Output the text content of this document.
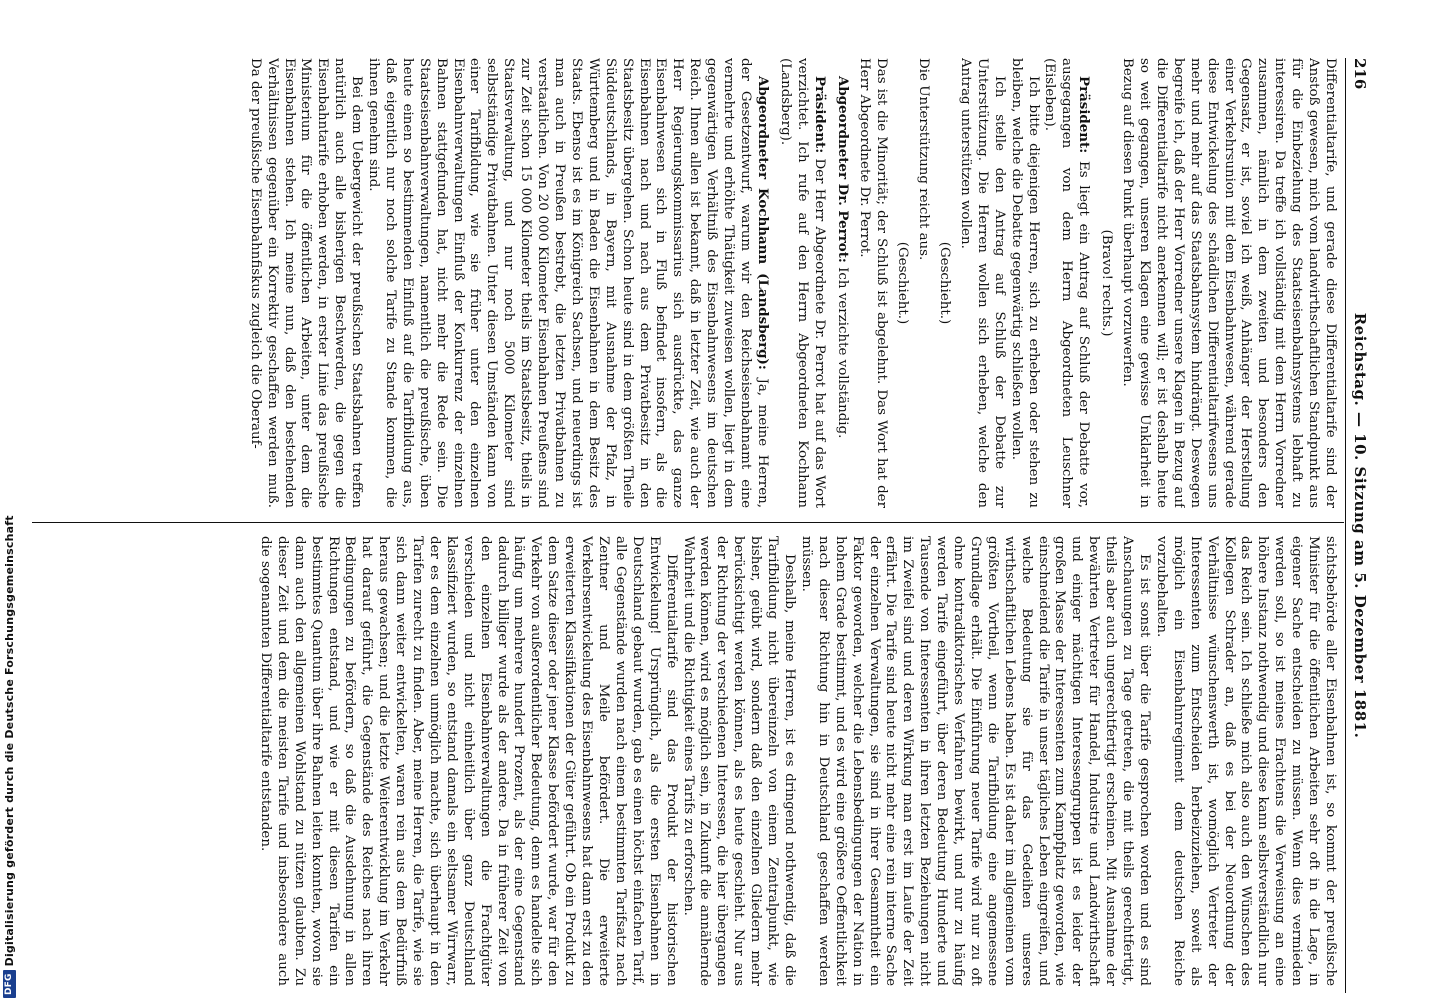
216
Reichstag. — 10. Sitzung am 5. Dezember 1881.

Differentialtarife, und gerade diese Differentialtarife sind der Anstoß gewesen, mich vom landwirthschaftlichen Standpunkt aus für die Einbeziehung des Staatseisenbahnsystems lebhaft zu interessiren. Da treffe ich vollständig mit dem Herrn Vorredner zusammen, nämlich in dem zweiten und besonders den Gegensatz, er ist, soviel ich weiß, Anhänger der Herstellung einer Verkehrsunion mit dem Eisenbahnwesen, während gerade diese Entwickelung des schädlichen Differentialtarifwesens uns mehr und mehr auf das Staatsbahnsystem hindrängt. Deswegen begreife ich, daß der Herr Vorredner unsere Klagen in Bezug auf die Differentialtarife nicht anerkennen will; er ist deshalb heute so weit gegangen, unseren Klagen eine gewisse Unklarheit in Bezug auf diesen Punkt überhaupt vorzuwerfen.

(Bravo! rechts.)

Präsident: Es liegt ein Antrag auf Schluß der Debatte vor, ausgegangen von dem Herrn Abgeordneten Leuschner (Eisleben).

Ich bitte diejenigen Herren, sich zu erheben oder stehen zu bleiben, welche die Debatte gegenwärtig schließen wollen.

Ich stelle den Antrag auf Schluß der Debatte zur Unterstützung. Die Herren wollen sich erheben, welche den Antrag unterstützen wollen.

(Geschieht.)

Die Unterstützung reicht aus.

(Geschieht.)

Das ist die Minorität; der Schluß ist abgelehnt. Das Wort hat der Herr Abgeordnete Dr. Perrot.

Abgeordneter Dr. Perrot: Ich verzichte vollständig.

Präsident: Der Herr Abgeordnete Dr. Perrot hat auf das Wort verzichtet. Ich rufe auf den Herrn Abgeordneten Kochhann (Landsberg).

Abgeordneter Kochhann (Landsberg): Ja, meine Herren, der Gesetzentwurf, warum wir den Reichseisenbahnamt eine vermehrte und erhöhte Thätigkeit zuweisen wollen, liegt in dem gegenwärtigen Verhältniß des Eisenbahnwesens im deutschen Reich. Ihnen allen ist bekannt, daß in letzter Zeit, wie auch der Herr Regierungskommissarius sich ausdrückte, das ganze Eisenbahnwesen sich in Fluß befindet insofern, als die Eisenbahnen nach und nach aus dem Privatbesitz in den Staatsbesitz übergehen. Schon heute sind in dem größten Theile Süddeutschlands, in Bayern, mit Ausnahme der Pfalz, in Württemberg und in Baden die Eisenbahnen in dem Besitz des Staats. Ebenso ist es im Königreich Sachsen, und neuerdings ist man auch in Preußen bestrebt, die letzten Privatbahnen zu verstaatlichen. Von 20 000 Kilometer Eisenbahnen Preußens sind zur Zeit schon 15 000 Kilometer theils im Staatsbesitz, theils in Staatsverwaltung, und nur noch 5000 Kilometer sind selbstständige Privatbahnen. Unter diesen Umständen kann von einer Tarifbildung, wie sie früher unter den einzelnen Eisenbahnverwaltungen Einfluß der Konkurrenz der einzelnen Bahnen stattgefunden hat, nicht mehr die Rede sein. Die Staatseisenbahnverwaltungen, namentlich die preußische, üben heute einen so bestimmenden Einfluß auf die Tarifbildung aus, daß eigentlich nur noch solche Tarife zu Stande kommen, die ihnen genehm sind.

Bei dem Uebergewicht der preußischen Staatsbahnen treffen natürlich auch alle bisherigen Beschwerden, die gegen die Eisenbahntarife erhoben werden, in erster Linie das preußische Ministerium für die öffentlichen Arbeiten, unter dem die Eisenbahnen stehen. Ich meine nun, daß den bestehenden Verhältnissen gegenüber ein Korrektiv geschaffen werden muß. Da der preußische Eisenbahnfiskus zugleich die Oberauf-

sichtsbehörde aller Eisenbahnen ist, so kommt der preußische Minister für die öffentlichen Arbeiten sehr oft in die Lage, in eigener Sache entscheiden zu müssen. Wenn dies vermieden werden soll, so ist meines Erachtens die Verweisung an eine höhere Instanz nothwendig und diese kann selbstverständlich nur das Reich sein. Ich schließe mich also auch den Wünschen des Kollegen Schrader an, daß es bei der Neuordnung der Verhältnisse wünschenswerth ist, womöglich Vertreter der Interessenten zum Entscheiden herbeizuziehen, soweit als möglich ein Eisenbahnregiment dem deutschen Reiche vorzubehalten.

Es ist sonst über die Tarife gesprochen worden und es sind Anschauungen zu Tage getreten, die mit theils gerechtfertigt, theils aber auch ungerechtfertigt erscheinen. Mit Ausnahme der bewährten Vertreter für Handel, Industrie und Landwirthschaft und einiger mächtigen Interessengruppen ist es leider der großen Masse der Interessenten zum Kampfplatz geworden, wie einschneidend die Tarife in unser tägliches Leben eingreifen, und welche Bedeutung sie für das Gedeihen unseres wirthschaftlichen Lebens haben. Es ist daher im allgemeinen vom größten Vortheil, wenn die Tarifbildung eine angemessene Grundlage erhält. Die Einführung neuer Tarife wird nur zu oft ohne kontradiktorisches Verfahren bewirkt, und nur zu häufig werden Tarife eingeführt, über deren Bedeutung Hunderte und Tausende von Interessenten in ihren letzten Beziehungen nicht im Zweifel sind und deren Wirkung man erst im Laufe der Zeit erfährt. Die Tarife sind heute nicht mehr eine rein interne Sache der einzelnen Verwaltungen, sie sind in ihrer Gesammtheit ein Faktor geworden, welcher die Lebensbedingungen der Nation in hohem Grade bestimmt, und es wird eine größere Oeffentlichkeit nach dieser Richtung hin in Deutschland geschaffen werden müssen.

Deshalb, meine Herren, ist es dringend nothwendig, daß die Tarifbildung nicht übereinzeln von einem Zentralpunkt, wie bisher, geübt wird, sondern daß den einzelnen Gliedern mehr berücksichtigt werden können, als es heute geschieht. Nur aus der Richtung der verschiedenen Interessen, die hier übergangen werden können, wird es möglich sein, in Zukunft die annähernde Wahrheit und die Richtigkeit eines Tarifs zu erforschen.

Differentialtarife sind das Produkt der historischen Entwickelung! Ursprünglich, als die ersten Eisenbahnen in Deutschland gebaut wurden, gab es einen höchst einfachen Tarif, alle Gegenstände wurden nach einem bestimmten Tarifsatz nach Zentner und Meile befördert. Die erweiterte Verkehrsentwickelung des Eisenbahnwesens hat dann erst zu den erweiterten Klassifikationen der Güter geführt. Ob ein Produkt zu dem Satze dieser oder jener Klasse befördert wurde, war für den Verkehr von außerordentlicher Bedeutung, denn es handelte sich häufig um mehrere hundert Prozent, als der eine Gegenstand dadurch billiger wurde als der andere. Da in früherer Zeit von den einzelnen Eisenbahnverwaltungen die Frachtgüter verschieden und nicht einheitlich über ganz Deutschland klassifiziert wurden, so entstand damals ein seltsamer Wirrwarr, der es dem einzelnen unmöglich machte, sich überhaupt in den Tarifen zurecht zu finden. Aber, meine Herren, die Tarife, wie sie sich dann weiter entwickelten, waren rein aus dem Bedürfniß heraus gewachsen; und die letzte Weiterentwicklung im Verkehr hat darauf geführt, die Gegenstände des Reiches nach ihren Bedingungen zu befördern, so daß die Ausdehnung in allen Richtungen entstand, und wie er mit diesen Tarifen ein bestimmtes Quantum über ihre Bahnen leiten konnten, wovon sie dann auch den allgemeinen Wohlstand zu nützen glaubten. Zu dieser Zeit und dem die meisten Tarife und insbesondere auch die sogenannten Differentialtarife entstanden.

DFG
Digitalisierung gefördert durch die Deutsche Forschungsgemeinschaft
